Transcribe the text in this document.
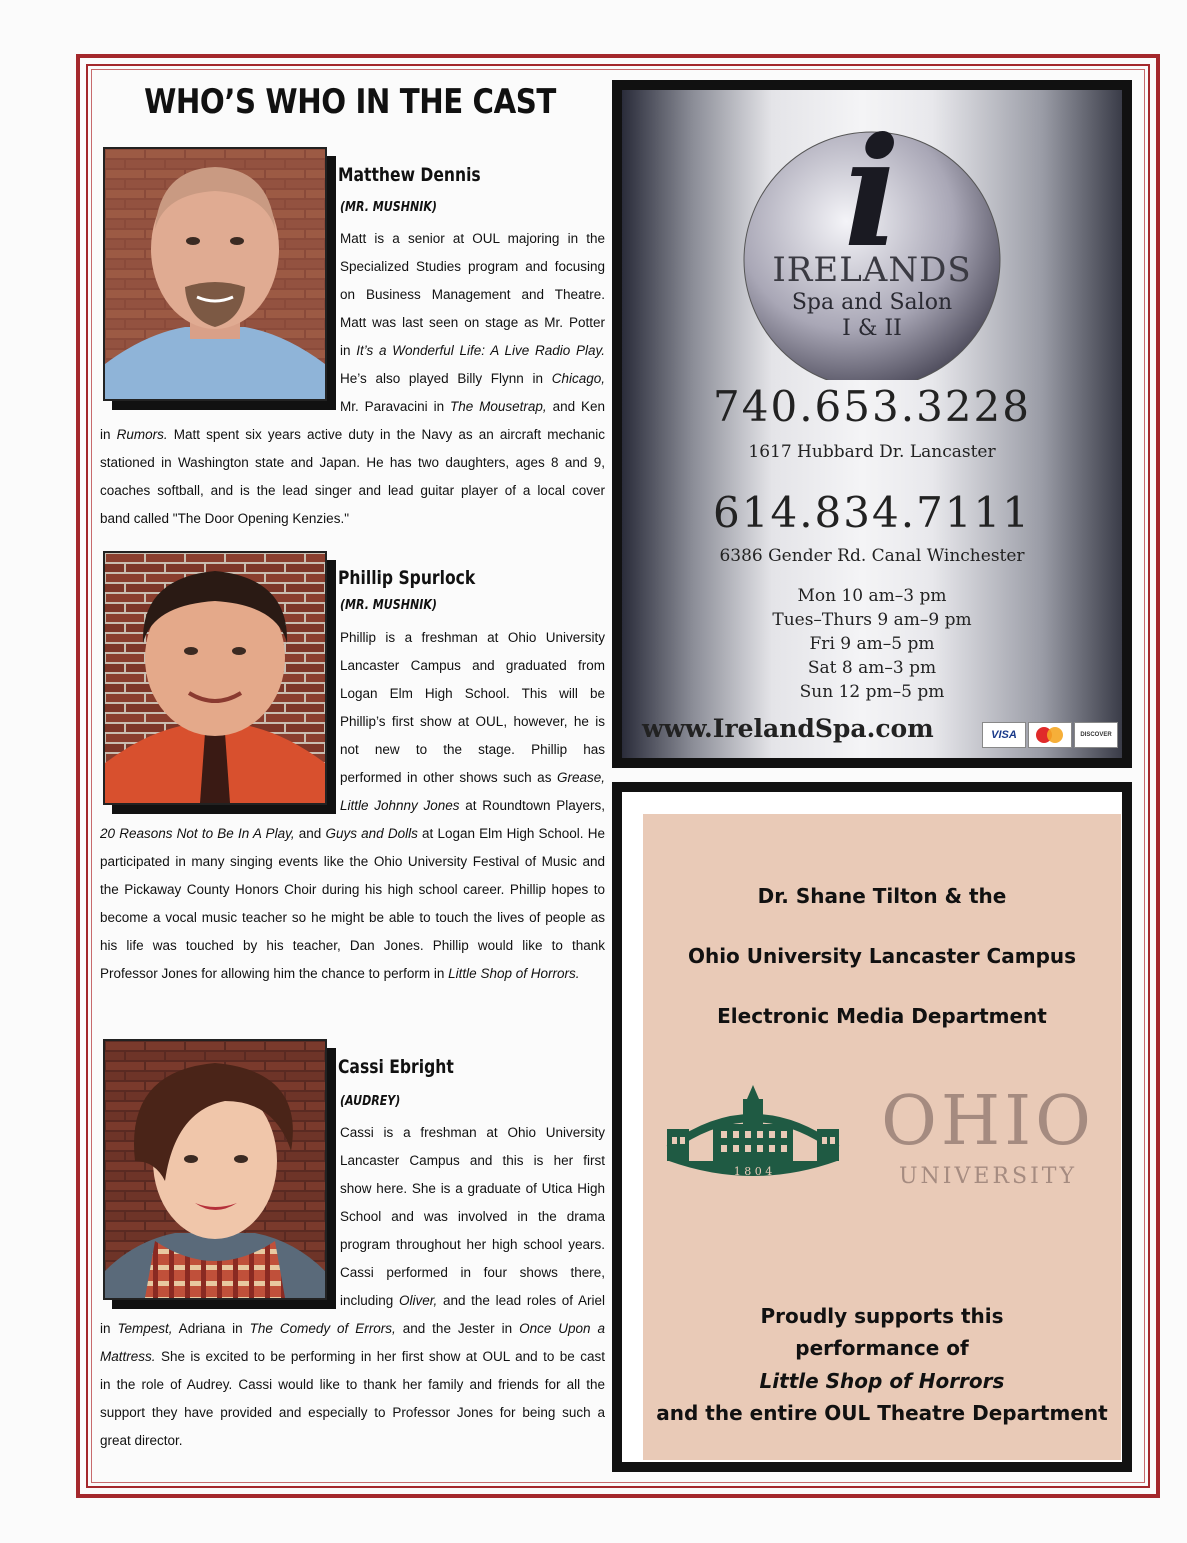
WHO’S WHO IN THE CAST
Matthew Dennis
(MR. MUSHNIK)
Matt is a senior at OUL majoring in the
Specialized Studies program and focusing
on Business Management and Theatre.
Matt was last seen on stage as Mr. Potter
in It’s a Wonderful Life: A Live Radio Play.
He’s also played Billy Flynn in Chicago,
Mr. Paravacini in The Mousetrap, and Ken
in Rumors. Matt spent six years active duty in the Navy as an aircraft mechanic
stationed in Washington state and Japan. He has two daughters, ages 8 and 9,
coaches softball, and is the lead singer and lead guitar player of a local cover
band called "The Door Opening Kenzies."
Phillip Spurlock
(MR. MUSHNIK)
Phillip is a freshman at Ohio University
Lancaster Campus and graduated from
Logan Elm High School. This will be
Phillip’s first show at OUL, however, he is
not new to the stage. Phillip has
performed in other shows such as Grease,
Little Johnny Jones at Roundtown Players,
20 Reasons Not to Be In A Play, and Guys and Dolls at Logan Elm High School. He
participated in many singing events like the Ohio University Festival of Music and
the Pickaway County Honors Choir during his high school career. Phillip hopes to
become a vocal music teacher so he might be able to touch the lives of people as
his life was touched by his teacher, Dan Jones. Phillip would like to thank
Professor Jones for allowing him the chance to perform in Little Shop of Horrors.
Cassi Ebright
(AUDREY)
Cassi is a freshman at Ohio University
Lancaster Campus and this is her first
show here. She is a graduate of Utica High
School and was involved in the drama
program throughout her high school years.
Cassi performed in four shows there,
including Oliver, and the lead roles of Ariel
in Tempest, Adriana in The Comedy of Errors, and the Jester in Once Upon a
Mattress. She is excited to be performing in her first show at OUL and to be cast
in the role of Audrey. Cassi would like to thank her family and friends for all the
support they have provided and especially to Professor Jones for being such a
great director.
i
IRELANDS
Spa and Salon
I & II
740.653.3228
1617 Hubbard Dr. Lancaster
614.834.7111
6386 Gender Rd. Canal Winchester
Mon 10 am–3 pm
Tues–Thurs 9 am–9 pm
Fri 9 am–5 pm
Sat 8 am–3 pm
Sun 12 pm–5 pm
www.IrelandSpa.com	VISA	DISCOVER
Dr. Shane Tilton & the
Ohio University Lancaster Campus
Electronic Media Department
1 8 0 4
OHIO
UNIVERSITY
Proudly supports this
performance of
Little Shop of Horrors
and the entire OUL Theatre Department
